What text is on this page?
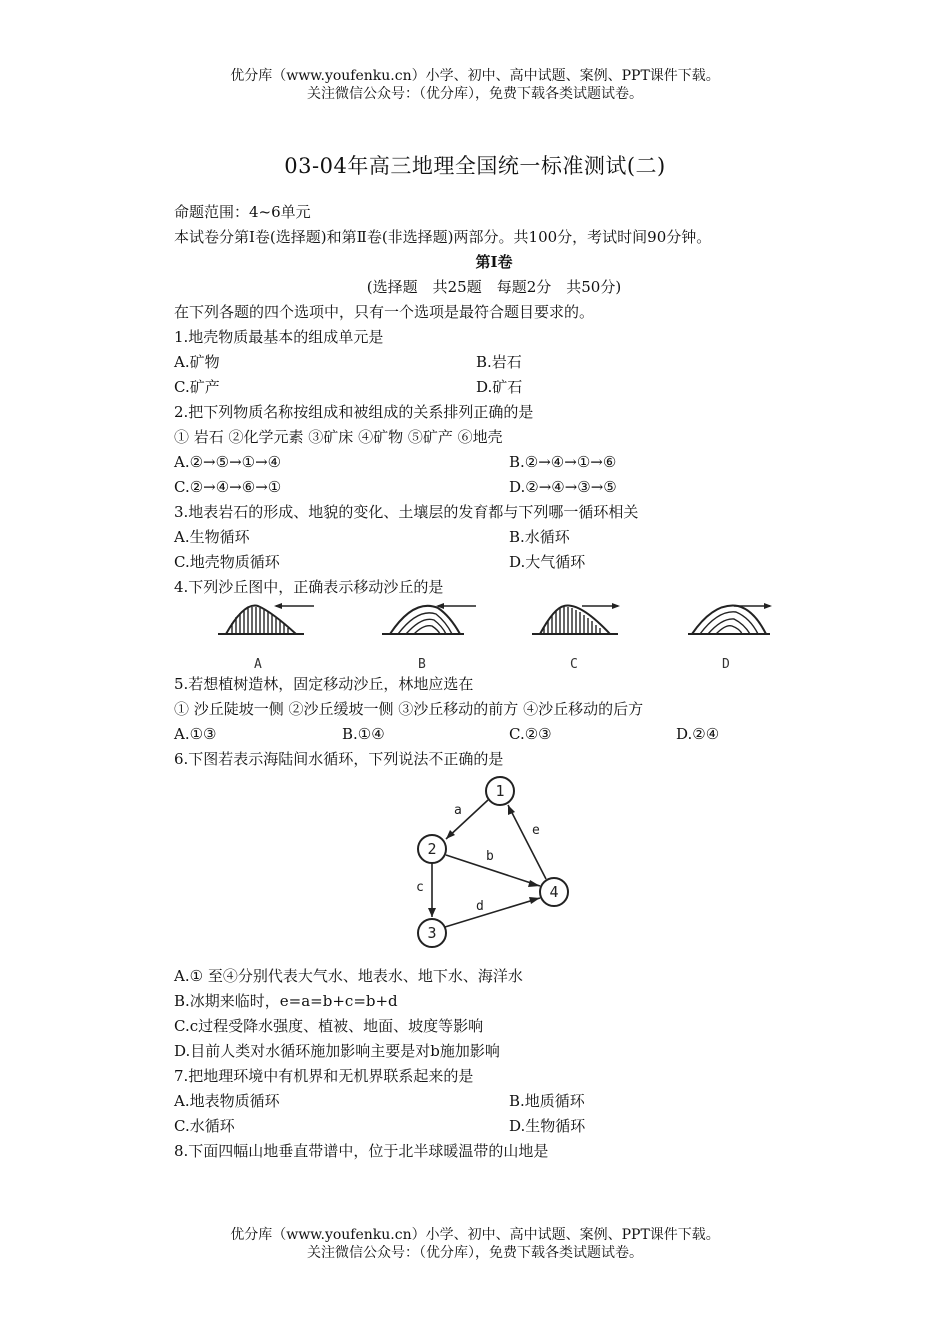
优分库（www.youfenku.cn）小学、初中、高中试题、案例、PPT课件下载。
关注微信公众号：（优分库），免费下载各类试题试卷。
03-04年高三地理全国统一标准测试(二)
命题范围：4~6单元
本试卷分第Ⅰ卷(选择题)和第Ⅱ卷(非选择题)两部分。共100分，考试时间90分钟。
第Ⅰ卷
(选择题　共25题　每题2分　共50分)
在下列各题的四个选项中，只有一个选项是最符合题目要求的。
1.地壳物质最基本的组成单元是
A.矿物	B.岩石
C.矿产	D.矿石
2.把下列物质名称按组成和被组成的关系排列正确的是
① 岩石 ②化学元素 ③矿床 ④矿物 ⑤矿产 ⑥地壳
A.②→⑤→①→④	B.②→④→①→⑥
C.②→④→⑥→①	D.②→④→③→⑤
3.地表岩石的形成、地貌的变化、土壤层的发育都与下列哪一循环相关
A.生物循环	B.水循环
C.地壳物质循环	D.大气循环
4.下列沙丘图中，正确表示移动沙丘的是
A	B	C	D
5.若想植树造林，固定移动沙丘，林地应选在
① 沙丘陡坡一侧 ②沙丘缓坡一侧 ③沙丘移动的前方 ④沙丘移动的后方
A.①③	B.①④	C.②③	D.②④
6.下图若表示海陆间水循环，下列说法不正确的是
1
2
3
4
a
b
c
d
e
A.① 至④分别代表大气水、地表水、地下水、海洋水
B.冰期来临时，e=a=b+c=b+d
C.c过程受降水强度、植被、地面、坡度等影响
D.目前人类对水循环施加影响主要是对b施加影响
7.把地理环境中有机界和无机界联系起来的是
A.地表物质循环	B.地质循环
C.水循环	D.生物循环
8.下面四幅山地垂直带谱中，位于北半球暖温带的山地是
优分库（www.youfenku.cn）小学、初中、高中试题、案例、PPT课件下载。
关注微信公众号：（优分库），免费下载各类试题试卷。
